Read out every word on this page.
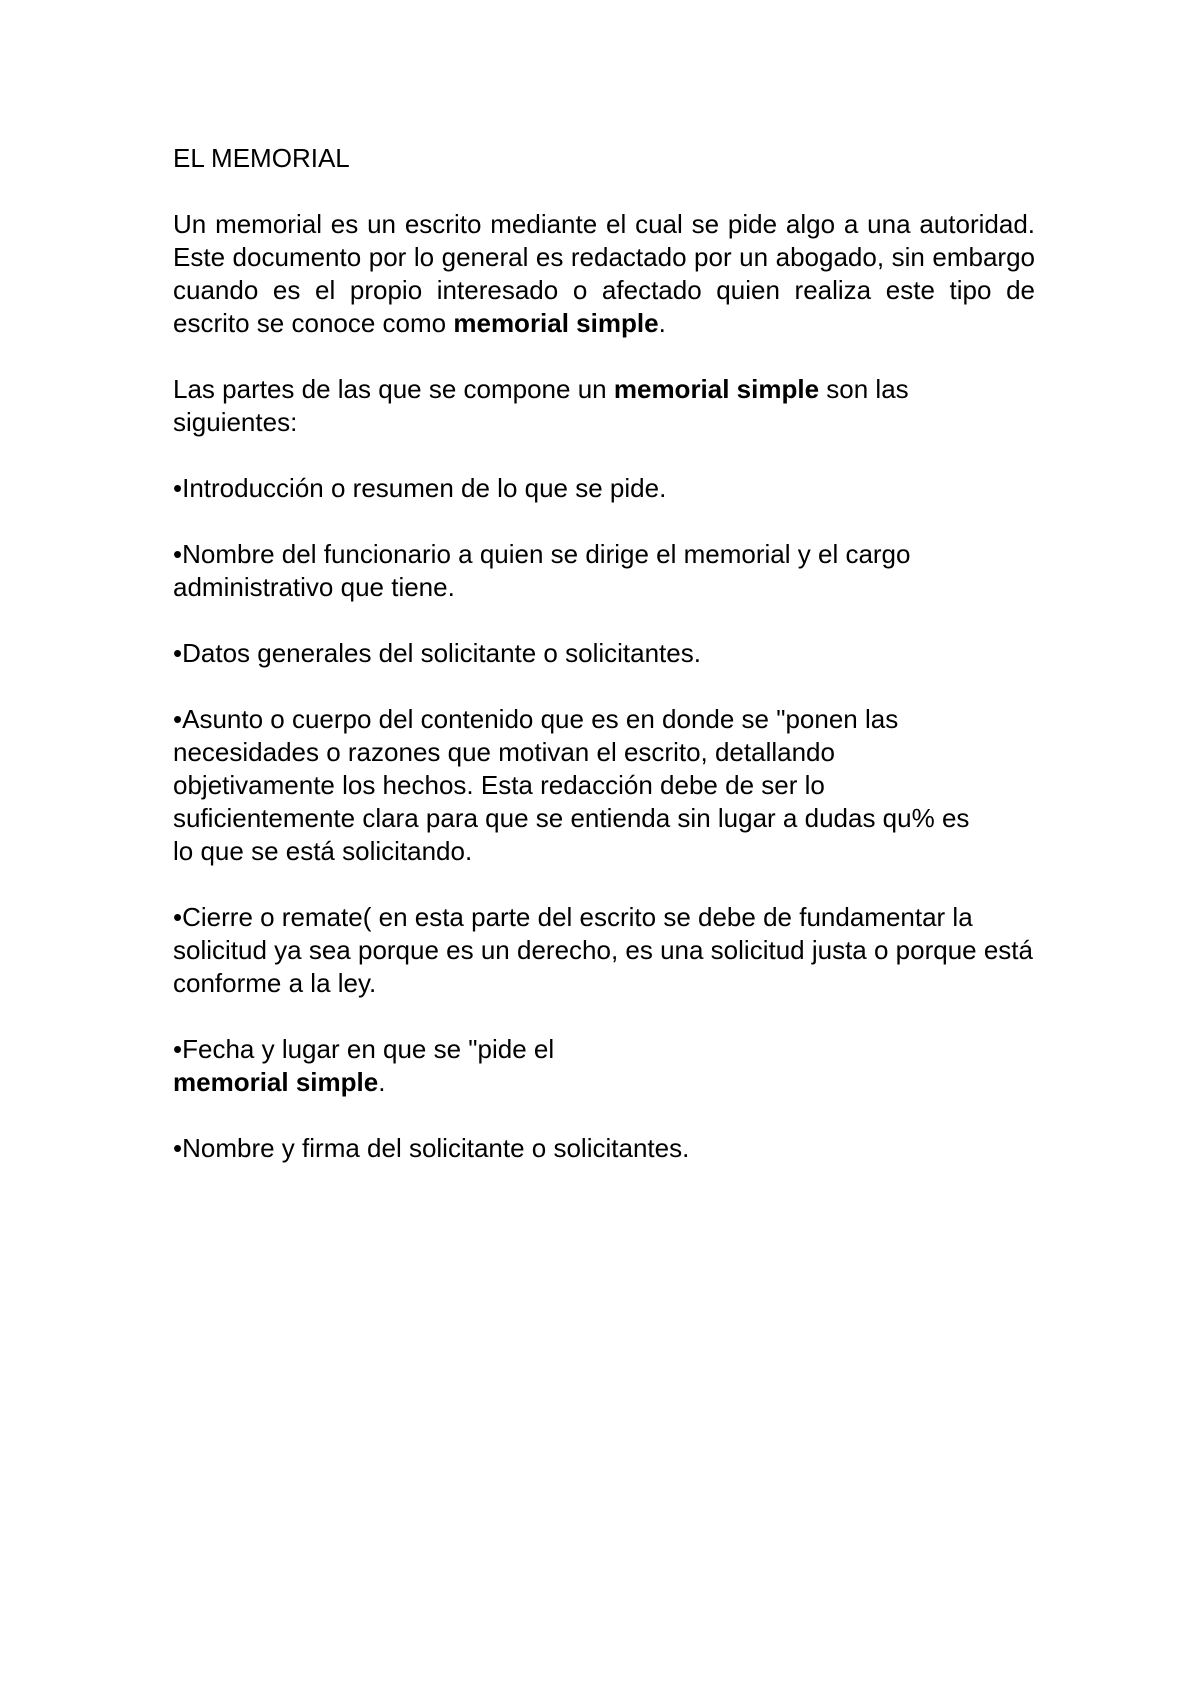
EL MEMORIAL

Un memorial es un escrito mediante el cual se pide algo a una autoridad. Este documento por lo general es redactado por un abogado, sin embargo cuando es el propio interesado o afectado quien realiza este tipo de escrito se conoce como memorial simple.

Las partes de las que se compone un memorial simple son las siguientes:

•Introducción o resumen de lo que se pide.

•Nombre del funcionario a quien se dirige el memorial y el cargo administrativo que tiene.

•Datos generales del solicitante o solicitantes.

•Asunto o cuerpo del contenido que es en donde se "ponen las necesidades o razones que motivan el escrito, detallando objetivamente los hechos. Esta redacción debe de ser lo suficientemente clara para que se entienda sin lugar a dudas qu% es lo que se está solicitando.

•Cierre o remate( en esta parte del escrito se debe de fundamentar la solicitud ya sea porque es un derecho, es una solicitud justa o porque está conforme a la ley.

•Fecha y lugar en que se "pide el
memorial simple.

•Nombre y firma del solicitante o solicitantes.
